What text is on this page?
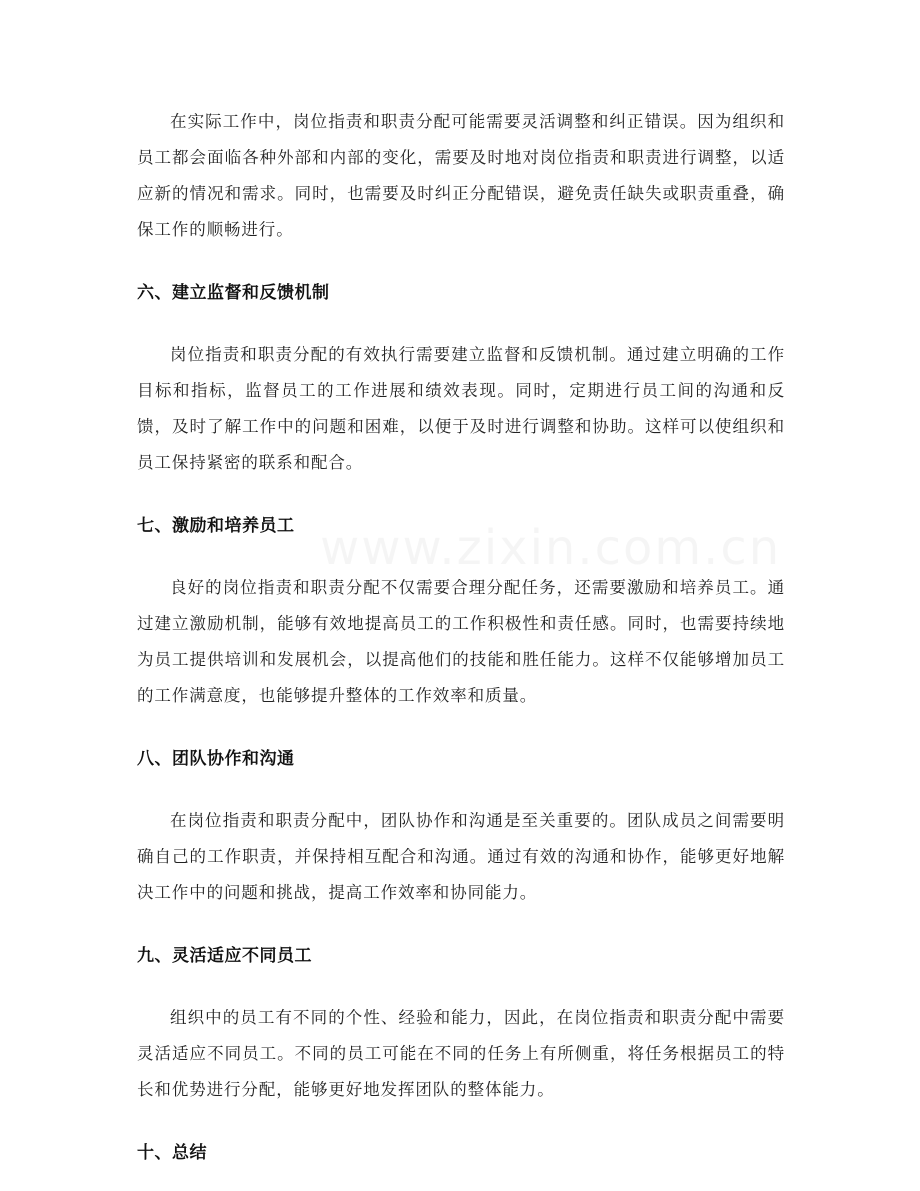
在实际工作中，岗位指责和职责分配可能需要灵活调整和纠正错误。因为组织和员工都会面临各种外部和内部的变化，需要及时地对岗位指责和职责进行调整，以适应新的情况和需求。同时，也需要及时纠正分配错误，避免责任缺失或职责重叠，确保工作的顺畅进行。

六、建立监督和反馈机制

岗位指责和职责分配的有效执行需要建立监督和反馈机制。通过建立明确的工作目标和指标，监督员工的工作进展和绩效表现。同时，定期进行员工间的沟通和反馈，及时了解工作中的问题和困难，以便于及时进行调整和协助。这样可以使组织和员工保持紧密的联系和配合。

七、激励和培养员工

良好的岗位指责和职责分配不仅需要合理分配任务，还需要激励和培养员工。通过建立激励机制，能够有效地提高员工的工作积极性和责任感。同时，也需要持续地为员工提供培训和发展机会，以提高他们的技能和胜任能力。这样不仅能够增加员工的工作满意度，也能够提升整体的工作效率和质量。

八、团队协作和沟通

在岗位指责和职责分配中，团队协作和沟通是至关重要的。团队成员之间需要明确自己的工作职责，并保持相互配合和沟通。通过有效的沟通和协作，能够更好地解决工作中的问题和挑战，提高工作效率和协同能力。

九、灵活适应不同员工

组织中的员工有不同的个性、经验和能力，因此，在岗位指责和职责分配中需要灵活适应不同员工。不同的员工可能在不同的任务上有所侧重，将任务根据员工的特长和优势进行分配，能够更好地发挥团队的整体能力。

十、总结
